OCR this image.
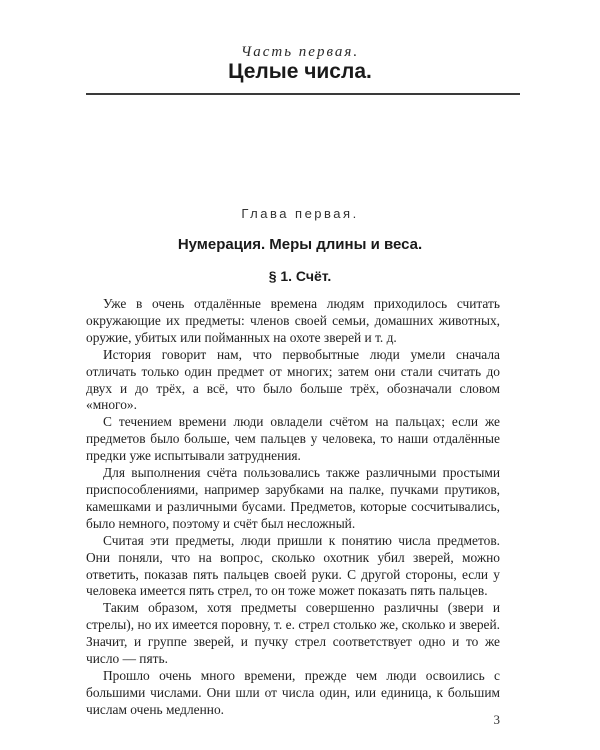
Часть первая.
Целые числа.
Глава первая.
Нумерация. Меры длины и веса.
§ 1. Счёт.

Уже в очень отдалённые времена людям приходилось считать окружающие их предметы: членов своей семьи, домашних животных, оружие, убитых или пойманных на охоте зверей и т. д.

История говорит нам, что первобытные люди умели сначала отличать только один предмет от многих; затем они стали считать до двух и до трёх, а всё, что было больше трёх, обозначали словом «много».

С течением времени люди овладели счётом на пальцах; если же предметов было больше, чем пальцев у человека, то наши отдалённые предки уже испытывали затруднения.

Для выполнения счёта пользовались также различными простыми приспособлениями, например зарубками на палке, пучками прутиков, камешками и различными бусами. Предметов, которые сосчитывались, было немного, поэтому и счёт был несложный.

Считая эти предметы, люди пришли к понятию числа предметов. Они поняли, что на вопрос, сколько охотник убил зверей, можно ответить, показав пять пальцев своей руки. С другой стороны, если у человека имеется пять стрел, то он тоже может показать пять пальцев.

Таким образом, хотя предметы совершенно различны (звери и стрелы), но их имеется поровну, т. е. стрел столько же, сколько и зверей. Значит, и группе зверей, и пучку стрел соответствует одно и то же число — пять.

Прошло очень много времени, прежде чем люди освоились с большими числами. Они шли от числа один, или единица, к большим числам очень медленно.

3
